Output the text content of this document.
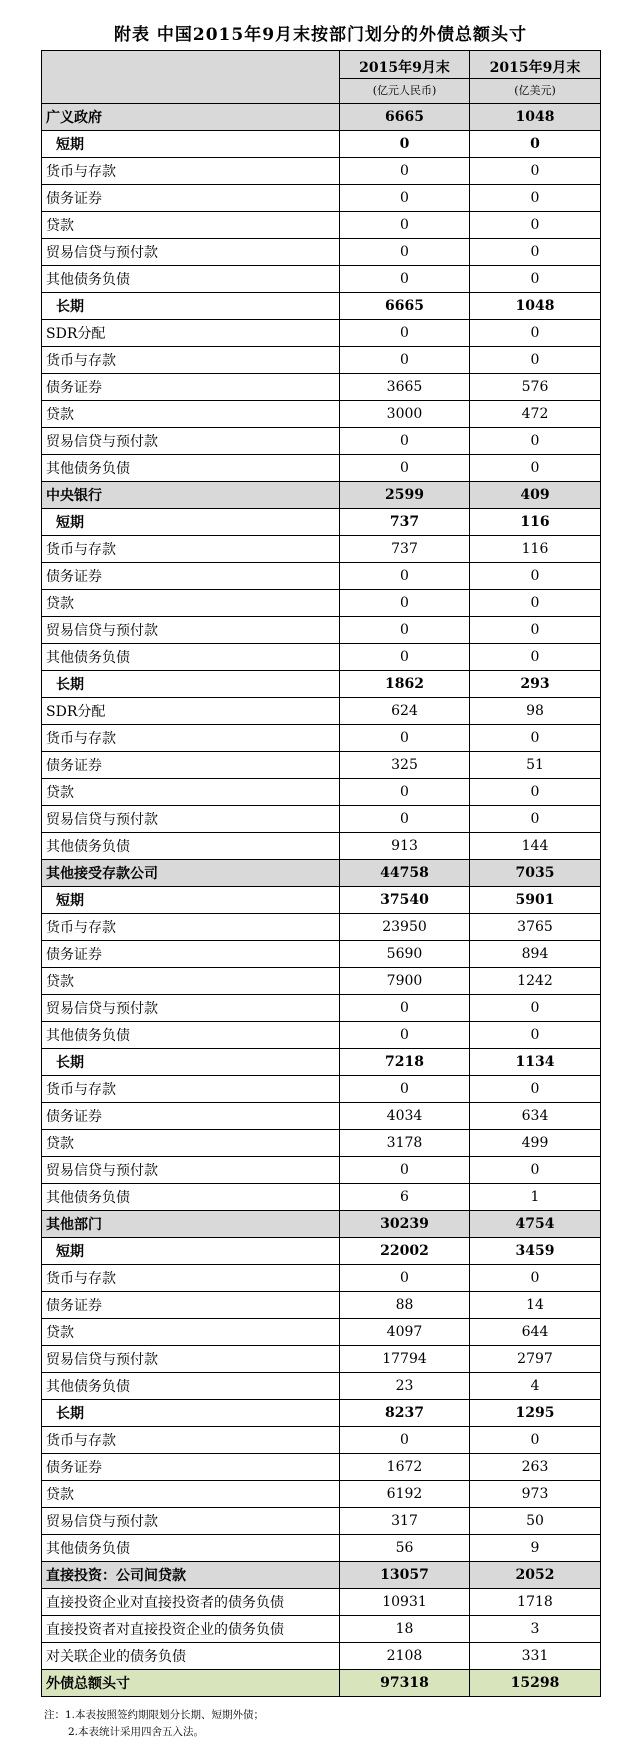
附表 中国2015年9月末按部门划分的外债总额头寸
	2015年9月末	2015年9月末
	(亿元人民币)	(亿美元)
广义政府	6665	1048
短期	0	0
货币与存款	0	0
债务证券	0	0
贷款	0	0
贸易信贷与预付款	0	0
其他债务负债	0	0
长期	6665	1048
SDR分配	0	0
货币与存款	0	0
债务证券	3665	576
贷款	3000	472
贸易信贷与预付款	0	0
其他债务负债	0	0
中央银行	2599	409
短期	737	116
货币与存款	737	116
债务证券	0	0
贷款	0	0
贸易信贷与预付款	0	0
其他债务负债	0	0
长期	1862	293
SDR分配	624	98
货币与存款	0	0
债务证券	325	51
贷款	0	0
贸易信贷与预付款	0	0
其他债务负债	913	144
其他接受存款公司	44758	7035
短期	37540	5901
货币与存款	23950	3765
债务证券	5690	894
贷款	7900	1242
贸易信贷与预付款	0	0
其他债务负债	0	0
长期	7218	1134
货币与存款	0	0
债务证券	4034	634
贷款	3178	499
贸易信贷与预付款	0	0
其他债务负债	6	1
其他部门	30239	4754
短期	22002	3459
货币与存款	0	0
债务证券	88	14
贷款	4097	644
贸易信贷与预付款	17794	2797
其他债务负债	23	4
长期	8237	1295
货币与存款	0	0
债务证券	1672	263
贷款	6192	973
贸易信贷与预付款	317	50
其他债务负债	56	9
直接投资：公司间贷款	13057	2052
直接投资企业对直接投资者的债务负债	10931	1718
直接投资者对直接投资企业的债务负债	18	3
对关联企业的债务负债	2108	331
外债总额头寸	97318	15298
注：1.本表按照签约期限划分长期、短期外债；
2.本表统计采用四舍五入法。
